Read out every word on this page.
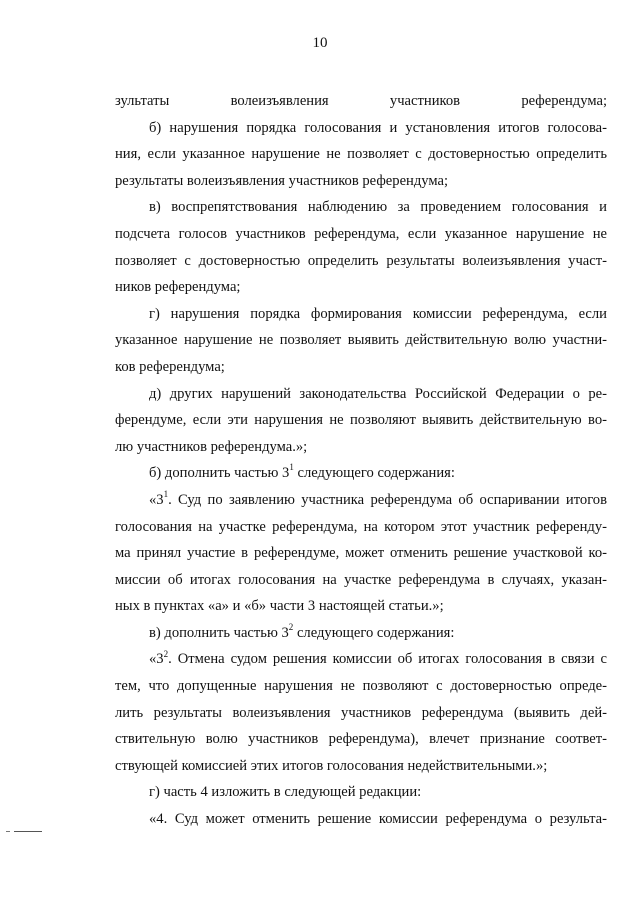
10
зультаты волеизъявления участников референдума;
б) нарушения порядка голосования и установления итогов голосова-
ния, если указанное нарушение не позволяет с достоверностью определить
результаты волеизъявления участников референдума;
в) воспрепятствования наблюдению за проведением голосования и
подсчета голосов участников референдума, если указанное нарушение не
позволяет с достоверностью определить результаты волеизъявления участ-
ников референдума;
г) нарушения порядка формирования комиссии референдума, если
указанное нарушение не позволяет выявить действительную волю участни-
ков референдума;
д) других нарушений законодательства Российской Федерации о ре-
ферендуме, если эти нарушения не позволяют выявить действительную во-
лю участников референдума.»;
б) дополнить частью $3^1$ следующего содержания:
«$3^1$. Суд по заявлению участника референдума об оспаривании итогов
голосования на участке референдума, на котором этот участник референду-
ма принял участие в референдуме, может отменить решение участковой ко-
миссии об итогах голосования на участке референдума в случаях, указан-
ных в пунктах «а» и «б» части 3 настоящей статьи.»;
в) дополнить частью $3^2$ следующего содержания:
«$3^2$. Отмена судом решения комиссии об итогах голосования в связи с
тем, что допущенные нарушения не позволяют с достоверностью опреде-
лить результаты волеизъявления участников референдума (выявить дей-
ствительную волю участников референдума), влечет признание соответ-
ствующей комиссией этих итогов голосования недействительными.»;
г) часть 4 изложить в следующей редакции:
«4. Суд может отменить решение комиссии референдума о результа-
